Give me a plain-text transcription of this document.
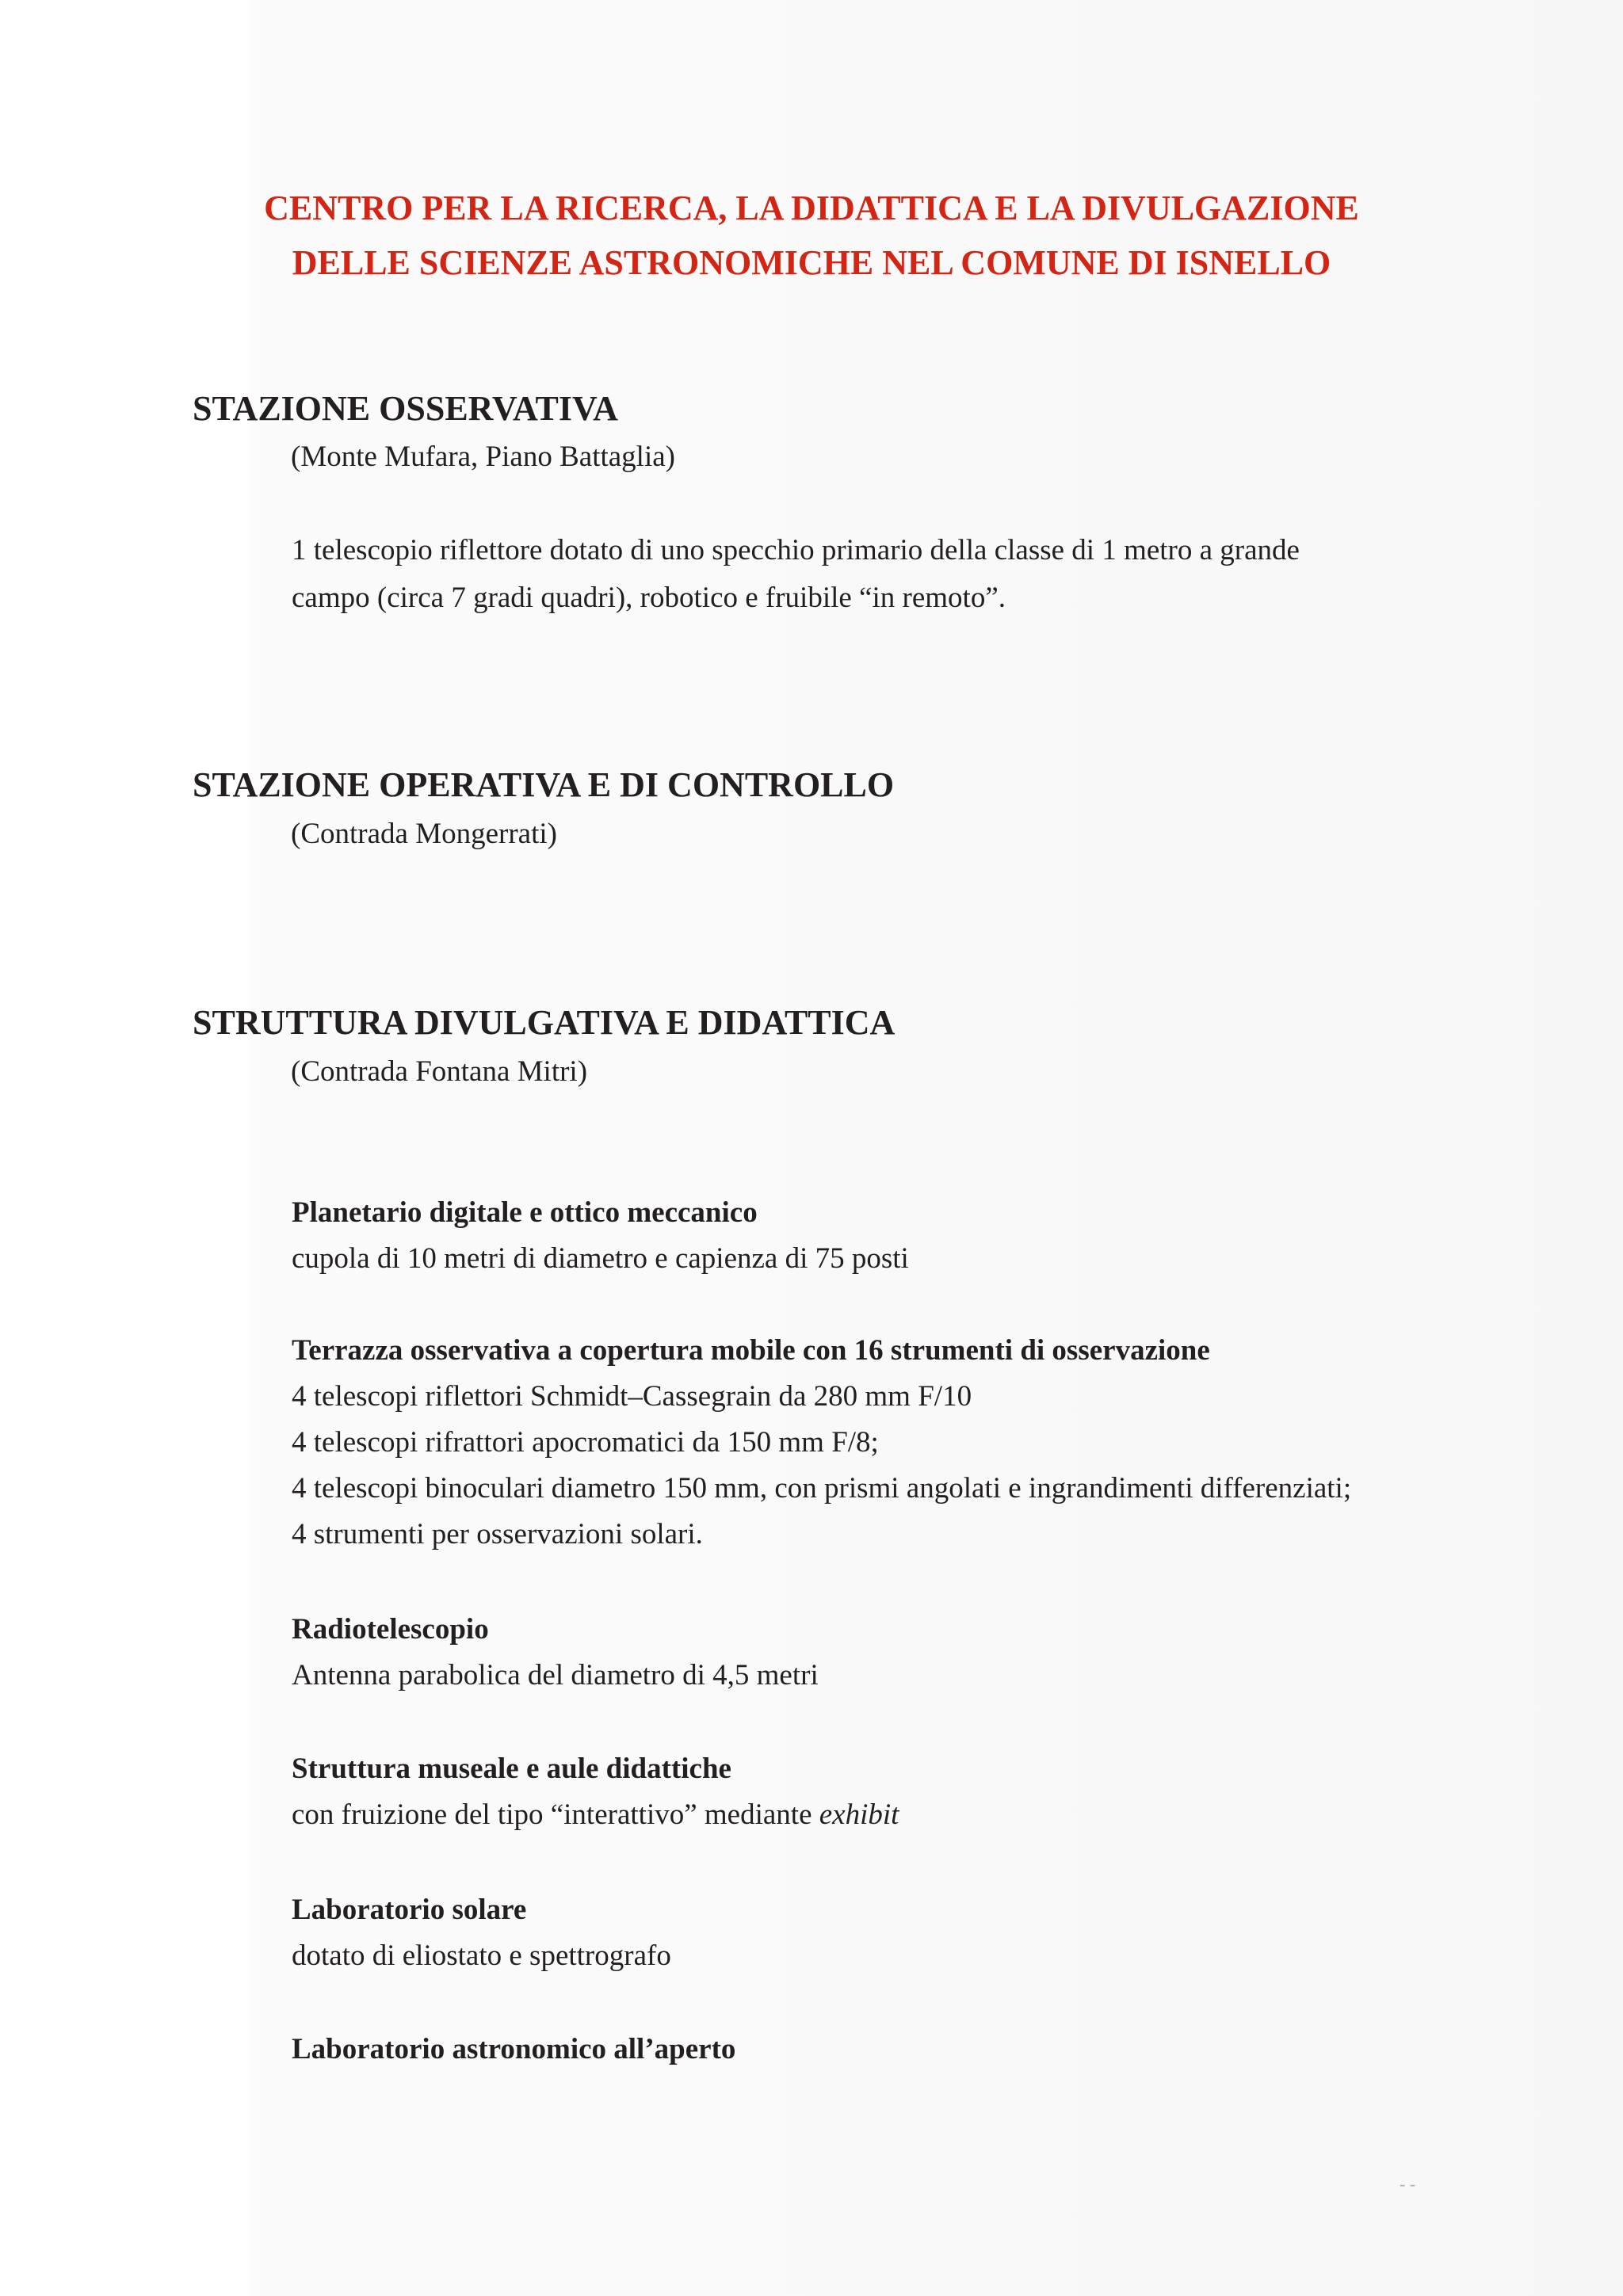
CENTRO PER LA RICERCA, LA DIDATTICA E LA DIVULGAZIONE
DELLE SCIENZE ASTRONOMICHE NEL COMUNE DI ISNELLO
STAZIONE OSSERVATIVA
(Monte Mufara, Piano Battaglia)
1 telescopio riflettore dotato di uno specchio primario della classe di 1 metro a grande
campo (circa 7 gradi quadri), robotico e fruibile “in remoto”.
STAZIONE OPERATIVA E DI CONTROLLO
(Contrada Mongerrati)
STRUTTURA DIVULGATIVA E DIDATTICA
(Contrada Fontana Mitri)
Planetario digitale e ottico meccanico
cupola di 10 metri di diametro e capienza di 75 posti
Terrazza osservativa a copertura mobile con 16 strumenti di osservazione
4 telescopi riflettori Schmidt–Cassegrain da 280 mm F/10
4 telescopi rifrattori apocromatici da 150 mm F/8;
4 telescopi binoculari diametro 150 mm, con prismi angolati e ingrandimenti differenziati;
4 strumenti per osservazioni solari.
Radiotelescopio
Antenna parabolica del diametro di 4,5 metri
Struttura museale e aule didattiche
con fruizione del tipo “interattivo” mediante exhibit
Laboratorio solare
dotato di eliostato e spettrografo
Laboratorio astronomico all’aperto
- -
